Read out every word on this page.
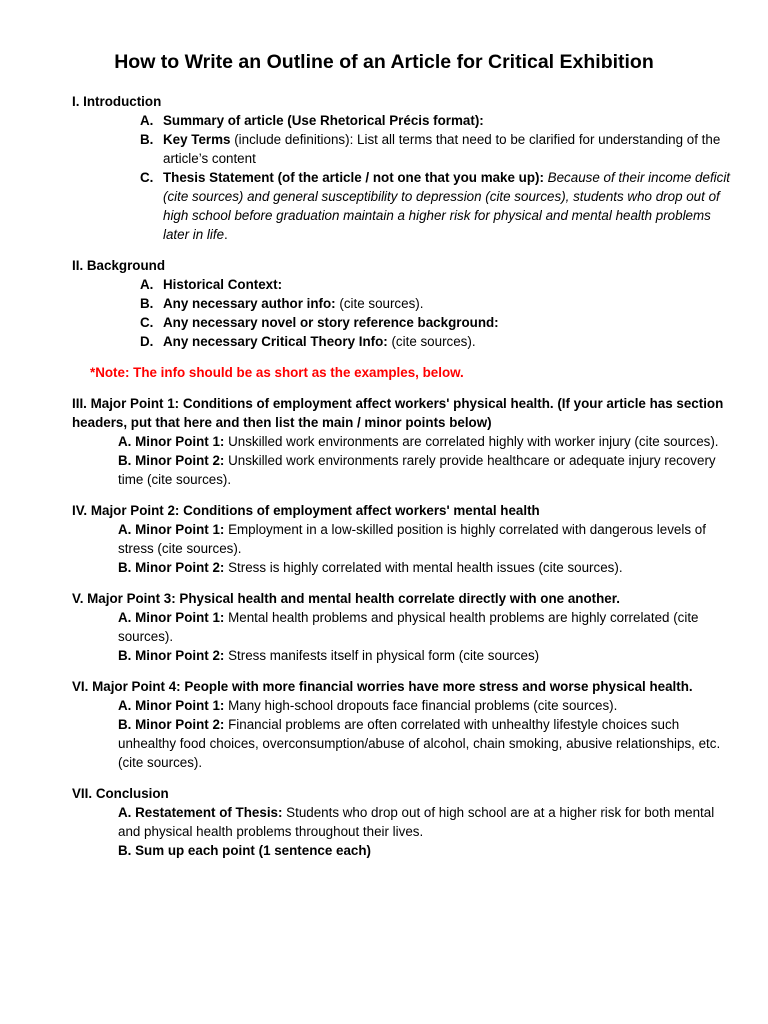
How to Write an Outline of an Article for Critical Exhibition
I. Introduction
A. Summary of article (Use Rhetorical Précis format):
B. Key Terms (include definitions): List all terms that need to be clarified for understanding of the article’s content
C. Thesis Statement (of the article / not one that you make up): Because of their income deficit (cite sources) and general susceptibility to depression (cite sources), students who drop out of high school before graduation maintain a higher risk for physical and mental health problems later in life.
II. Background
A. Historical Context:
B. Any necessary author info: (cite sources).
C. Any necessary novel or story reference background:
D. Any necessary Critical Theory Info: (cite sources).
*Note: The info should be as short as the examples, below.
III. Major Point 1: Conditions of employment affect workers' physical health. (If your article has section headers, put that here and then list the main / minor points below)
A. Minor Point 1: Unskilled work environments are correlated highly with worker injury (cite sources).
B. Minor Point 2: Unskilled work environments rarely provide healthcare or adequate injury recovery time (cite sources).
IV. Major Point 2: Conditions of employment affect workers' mental health
A. Minor Point 1: Employment in a low-skilled position is highly correlated with dangerous levels of stress (cite sources).
B. Minor Point 2: Stress is highly correlated with mental health issues (cite sources).
V. Major Point 3: Physical health and mental health correlate directly with one another.
A. Minor Point 1: Mental health problems and physical health problems are highly correlated (cite sources).
B. Minor Point 2: Stress manifests itself in physical form (cite sources)
VI. Major Point 4: People with more financial worries have more stress and worse physical health.
A. Minor Point 1: Many high-school dropouts face financial problems (cite sources).
B. Minor Point 2: Financial problems are often correlated with unhealthy lifestyle choices such unhealthy food choices, overconsumption/abuse of alcohol, chain smoking, abusive relationships, etc. (cite sources).
VII. Conclusion
A. Restatement of Thesis: Students who drop out of high school are at a higher risk for both mental and physical health problems throughout their lives.
B. Sum up each point (1 sentence each)
